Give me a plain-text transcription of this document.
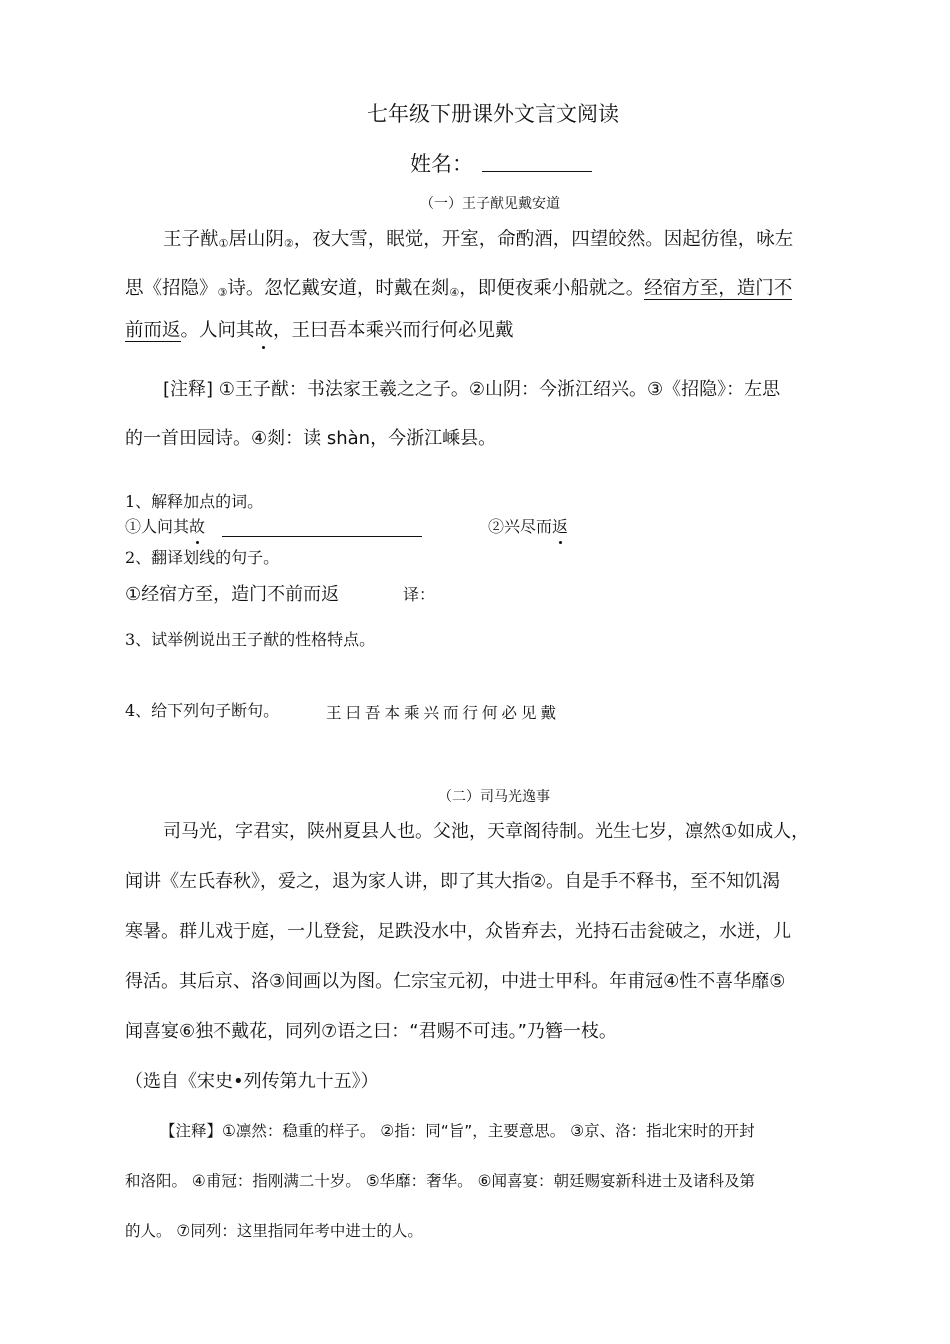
七年级下册课外文言文阅读
姓名：
（一）王子猷见戴安道
王子猷$_①$居山阴$_②$，夜大雪，眠觉，开室，命酌酒，四望皎然。因起彷徨，咏左
思《招隐》$_③$诗。忽忆戴安道，时戴在剡$_④$，即便夜乘小船就之。经宿方至，造门不
前而返。人问其故，王曰吾本乘兴而行何必见戴
[注释] ①王子猷：书法家王羲之之子。②山阴：今浙江绍兴。③《招隐》：左思
的一首田园诗。④剡：读 shàn，今浙江嵊县。
1、解释加点的词。
①人问其故	②兴尽而返
2、翻译划线的句子。
①经宿方至，造门不前而返	译：
3、试举例说出王子猷的性格特点。
4、给下列句子断句。	王曰吾本乘兴而行何必见戴
（二）司马光逸事
司马光，字君实，陕州夏县人也。父池，天章阁待制。光生七岁，凛然①如成人，
闻讲《左氏春秋》，爱之，退为家人讲，即了其大指②。自是手不释书，至不知饥渴
寒暑。群儿戏于庭，一儿登瓮，足跌没水中，众皆弃去，光持石击瓮破之，水迸，儿
得活。其后京、洛③间画以为图。仁宗宝元初，中进士甲科。年甫冠④性不喜华靡⑤
闻喜宴⑥独不戴花，同列⑦语之曰：“君赐不可违。”乃簪一枝。
（选自《宋史•列传第九十五》）
【注释】①凛然：稳重的样子。 ②指：同“旨”，主要意思。 ③京、洛：指北宋时的开封
和洛阳。 ④甫冠：指刚满二十岁。 ⑤华靡：奢华。 ⑥闻喜宴：朝廷赐宴新科进士及诸科及第
的人。 ⑦同列：这里指同年考中进士的人。
